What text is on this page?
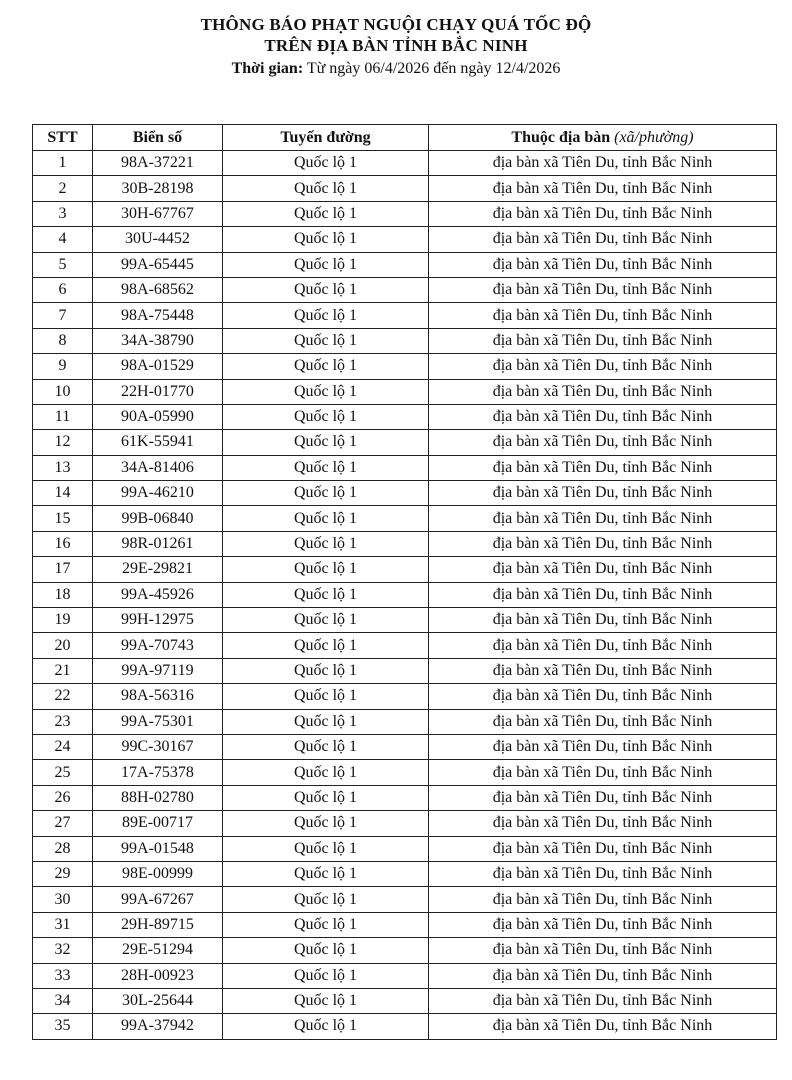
THÔNG BÁO PHẠT NGUỘI CHẠY QUÁ TỐC ĐỘ
TRÊN ĐỊA BÀN TỈNH BẮC NINH
Thời gian: Từ ngày 06/4/2026 đến ngày 12/4/2026
STT	Biển số	Tuyến đường	Thuộc địa bàn (xã/phường)
1	98A-37221	Quốc lộ 1	địa bàn xã Tiên Du, tỉnh Bắc Ninh
2	30B-28198	Quốc lộ 1	địa bàn xã Tiên Du, tỉnh Bắc Ninh
3	30H-67767	Quốc lộ 1	địa bàn xã Tiên Du, tỉnh Bắc Ninh
4	30U-4452	Quốc lộ 1	địa bàn xã Tiên Du, tỉnh Bắc Ninh
5	99A-65445	Quốc lộ 1	địa bàn xã Tiên Du, tỉnh Bắc Ninh
6	98A-68562	Quốc lộ 1	địa bàn xã Tiên Du, tỉnh Bắc Ninh
7	98A-75448	Quốc lộ 1	địa bàn xã Tiên Du, tỉnh Bắc Ninh
8	34A-38790	Quốc lộ 1	địa bàn xã Tiên Du, tỉnh Bắc Ninh
9	98A-01529	Quốc lộ 1	địa bàn xã Tiên Du, tỉnh Bắc Ninh
10	22H-01770	Quốc lộ 1	địa bàn xã Tiên Du, tỉnh Bắc Ninh
11	90A-05990	Quốc lộ 1	địa bàn xã Tiên Du, tỉnh Bắc Ninh
12	61K-55941	Quốc lộ 1	địa bàn xã Tiên Du, tỉnh Bắc Ninh
13	34A-81406	Quốc lộ 1	địa bàn xã Tiên Du, tỉnh Bắc Ninh
14	99A-46210	Quốc lộ 1	địa bàn xã Tiên Du, tỉnh Bắc Ninh
15	99B-06840	Quốc lộ 1	địa bàn xã Tiên Du, tỉnh Bắc Ninh
16	98R-01261	Quốc lộ 1	địa bàn xã Tiên Du, tỉnh Bắc Ninh
17	29E-29821	Quốc lộ 1	địa bàn xã Tiên Du, tỉnh Bắc Ninh
18	99A-45926	Quốc lộ 1	địa bàn xã Tiên Du, tỉnh Bắc Ninh
19	99H-12975	Quốc lộ 1	địa bàn xã Tiên Du, tỉnh Bắc Ninh
20	99A-70743	Quốc lộ 1	địa bàn xã Tiên Du, tỉnh Bắc Ninh
21	99A-97119	Quốc lộ 1	địa bàn xã Tiên Du, tỉnh Bắc Ninh
22	98A-56316	Quốc lộ 1	địa bàn xã Tiên Du, tỉnh Bắc Ninh
23	99A-75301	Quốc lộ 1	địa bàn xã Tiên Du, tỉnh Bắc Ninh
24	99C-30167	Quốc lộ 1	địa bàn xã Tiên Du, tỉnh Bắc Ninh
25	17A-75378	Quốc lộ 1	địa bàn xã Tiên Du, tỉnh Bắc Ninh
26	88H-02780	Quốc lộ 1	địa bàn xã Tiên Du, tỉnh Bắc Ninh
27	89E-00717	Quốc lộ 1	địa bàn xã Tiên Du, tỉnh Bắc Ninh
28	99A-01548	Quốc lộ 1	địa bàn xã Tiên Du, tỉnh Bắc Ninh
29	98E-00999	Quốc lộ 1	địa bàn xã Tiên Du, tỉnh Bắc Ninh
30	99A-67267	Quốc lộ 1	địa bàn xã Tiên Du, tỉnh Bắc Ninh
31	29H-89715	Quốc lộ 1	địa bàn xã Tiên Du, tỉnh Bắc Ninh
32	29E-51294	Quốc lộ 1	địa bàn xã Tiên Du, tỉnh Bắc Ninh
33	28H-00923	Quốc lộ 1	địa bàn xã Tiên Du, tỉnh Bắc Ninh
34	30L-25644	Quốc lộ 1	địa bàn xã Tiên Du, tỉnh Bắc Ninh
35	99A-37942	Quốc lộ 1	địa bàn xã Tiên Du, tỉnh Bắc Ninh
